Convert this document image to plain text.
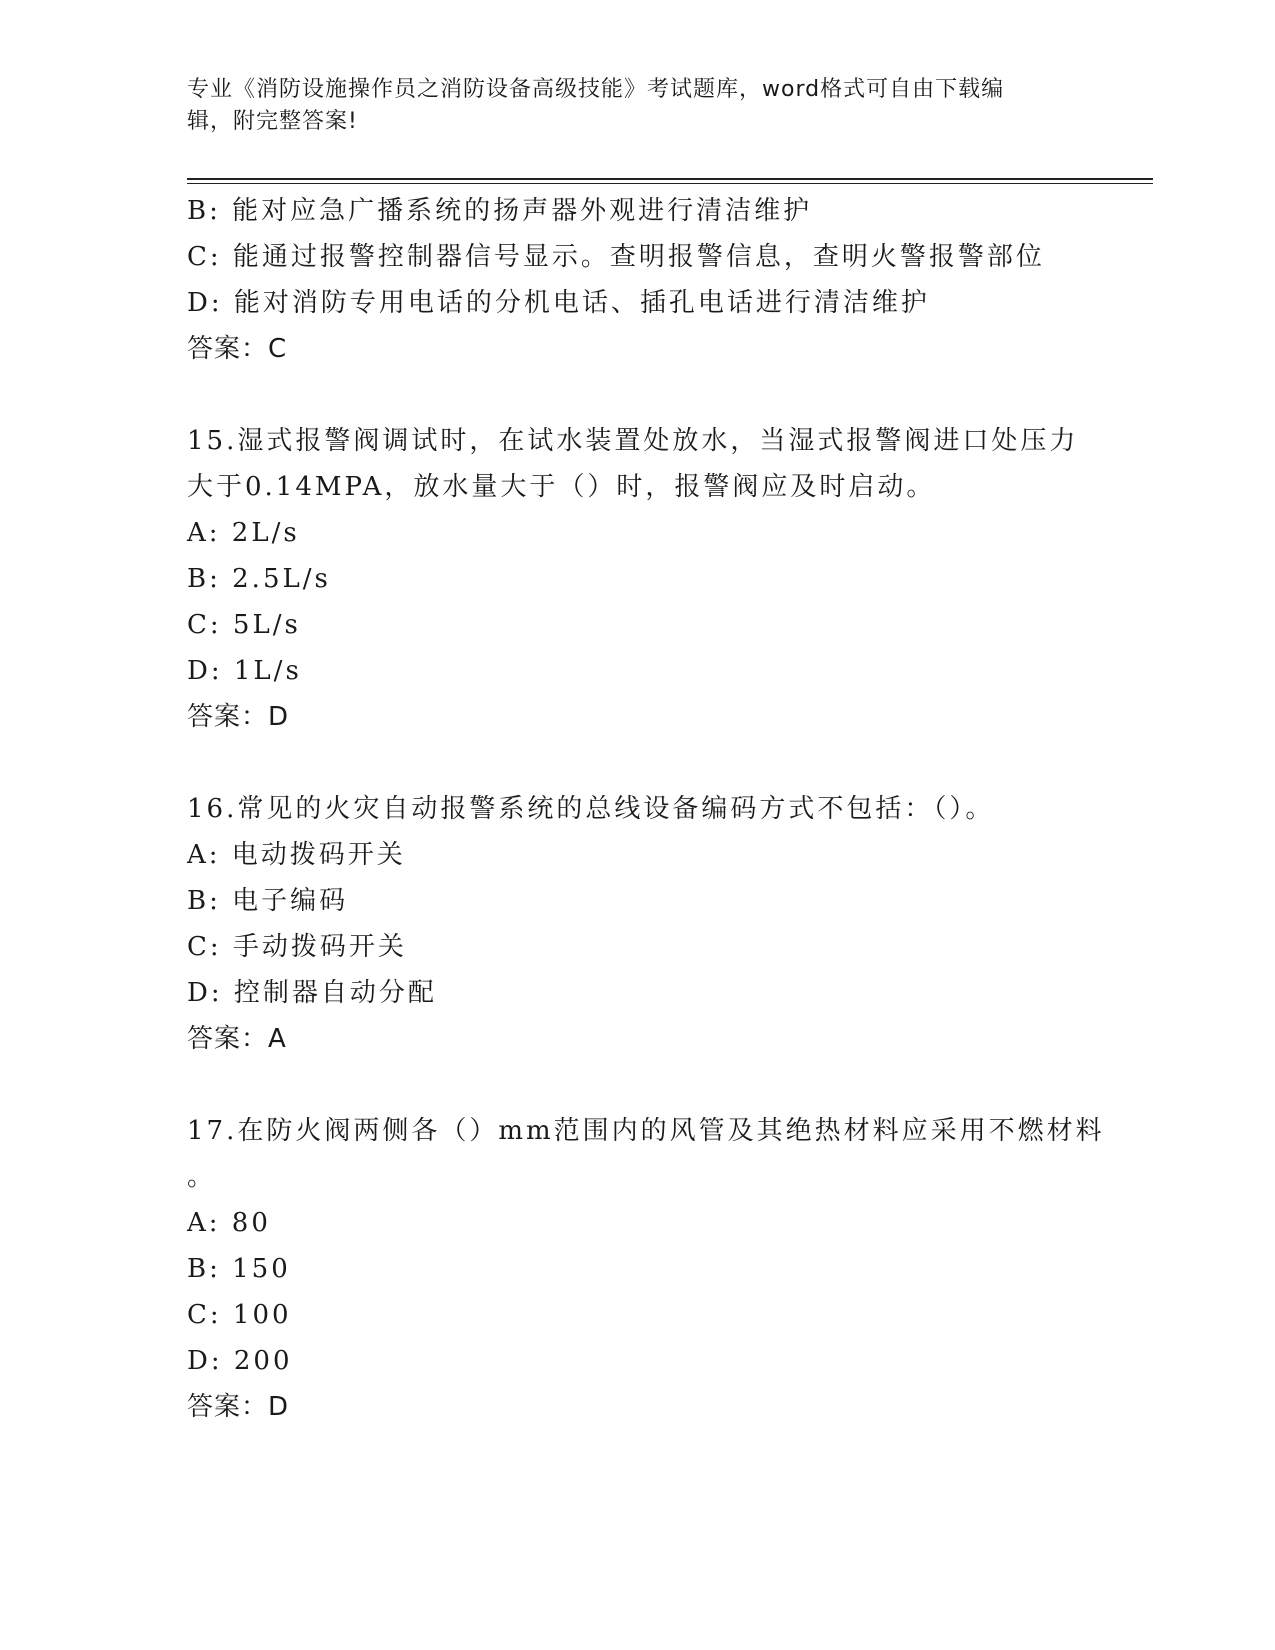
专业《消防设施操作员之消防设备高级技能》考试题库，word格式可自由下载编
辑，附完整答案!
B: 能对应急广播系统的扬声器外观进行清洁维护
C: 能通过报警控制器信号显示。查明报警信息，查明火警报警部位
D: 能对消防专用电话的分机电话、插孔电话进行清洁维护
答案：C
15.湿式报警阀调试时，在试水装置处放水，当湿式报警阀进口处压力
大于0.14MPA，放水量大于（）时，报警阀应及时启动。
A: 2L/s
B: 2.5L/s
C: 5L/s
D: 1L/s
答案：D
16.常见的火灾自动报警系统的总线设备编码方式不包括：（）。
A: 电动拨码开关
B: 电子编码
C: 手动拨码开关
D: 控制器自动分配
答案：A
17.在防火阀两侧各（）mm范围内的风管及其绝热材料应采用不燃材料
。
A: 80
B: 150
C: 100
D: 200
答案：D
